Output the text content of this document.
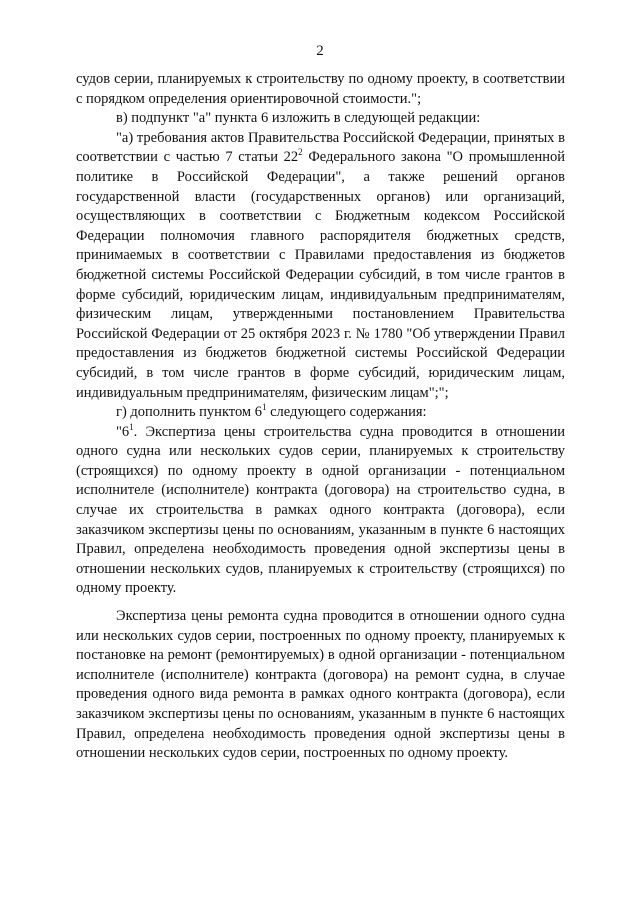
2

судов серии, планируемых к строительству по одному проекту, в соответствии с порядком определения ориентировочной стоимости.";

в) подпункт "а" пункта 6 изложить в следующей редакции:

"а) требования актов Правительства Российской Федерации, принятых в соответствии с частью 7 статьи $22^2$ Федерального закона "О промышленной политике в Российской Федерации", а также решений органов государственной власти (государственных органов) или организаций, осуществляющих в соответствии с Бюджетным кодексом Российской Федерации полномочия главного распорядителя бюджетных средств, принимаемых в соответствии с Правилами предоставления из бюджетов бюджетной системы Российской Федерации субсидий, в том числе грантов в форме субсидий, юридическим лицам, индивидуальным предпринимателям, физическим лицам, утвержденными постановлением Правительства Российской Федерации от 25 октября 2023 г. № 1780 "Об утверждении Правил предоставления из бюджетов бюджетной системы Российской Федерации субсидий, в том числе грантов в форме субсидий, юридическим лицам, индивидуальным предпринимателям, физическим лицам";";

г) дополнить пунктом $6^1$ следующего содержания:

"$6^1$. Экспертиза цены строительства судна проводится в отношении одного судна или нескольких судов серии, планируемых к строительству (строящихся) по одному проекту в одной организации - потенциальном исполнителе (исполнителе) контракта (договора) на строительство судна, в случае их строительства в рамках одного контракта (договора), если заказчиком экспертизы цены по основаниям, указанным в пункте 6 настоящих Правил, определена необходимость проведения одной экспертизы цены в отношении нескольких судов, планируемых к строительству (строящихся) по одному проекту.

Экспертиза цены ремонта судна проводится в отношении одного судна или нескольких судов серии, построенных по одному проекту, планируемых к постановке на ремонт (ремонтируемых) в одной организации - потенциальном исполнителе (исполнителе) контракта (договора) на ремонт судна, в случае проведения одного вида ремонта в рамках одного контракта (договора), если заказчиком экспертизы цены по основаниям, указанным в пункте 6 настоящих Правил, определена необходимость проведения одной экспертизы цены в отношении нескольких судов серии, построенных по одному проекту.
